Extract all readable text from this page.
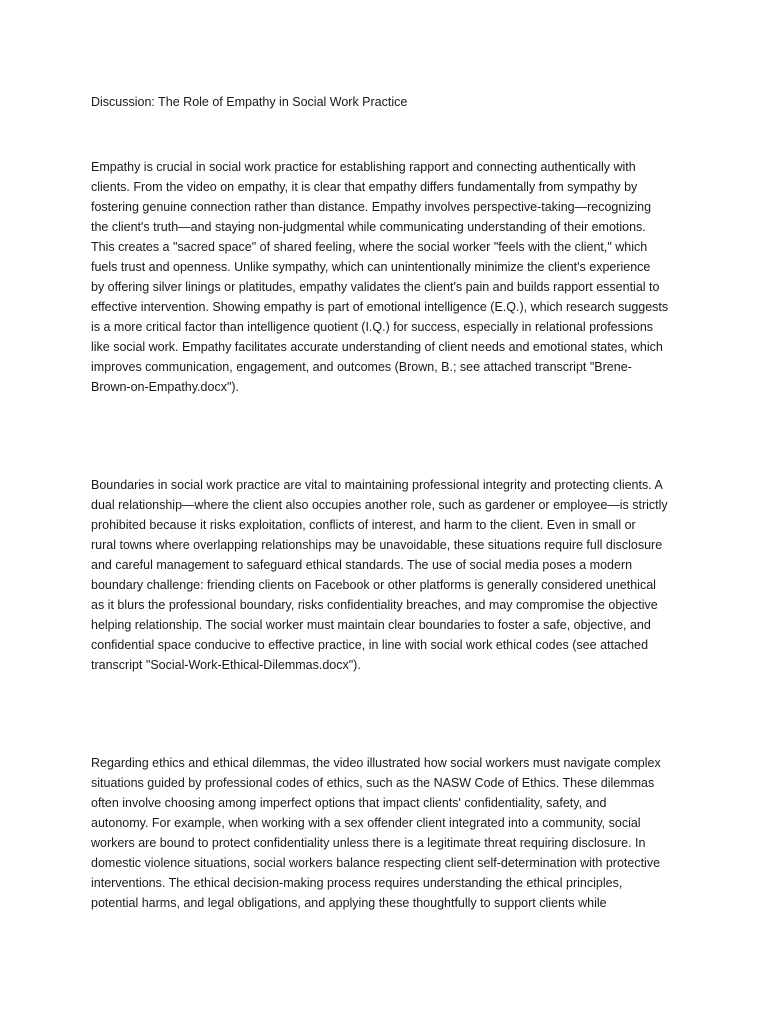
Discussion: The Role of Empathy in Social Work Practice
Empathy is crucial in social work practice for establishing rapport and connecting authentically with
clients. From the video on empathy, it is clear that empathy differs fundamentally from sympathy by
fostering genuine connection rather than distance. Empathy involves perspective-taking—recognizing
the client's truth—and staying non-judgmental while communicating understanding of their emotions.
This creates a "sacred space" of shared feeling, where the social worker "feels with the client," which
fuels trust and openness. Unlike sympathy, which can unintentionally minimize the client's experience
by offering silver linings or platitudes, empathy validates the client's pain and builds rapport essential to
effective intervention. Showing empathy is part of emotional intelligence (E.Q.), which research suggests
is a more critical factor than intelligence quotient (I.Q.) for success, especially in relational professions
like social work. Empathy facilitates accurate understanding of client needs and emotional states, which
improves communication, engagement, and outcomes (Brown, B.; see attached transcript "Brene-
Brown-on-Empathy.docx").
Boundaries in social work practice are vital to maintaining professional integrity and protecting clients. A
dual relationship—where the client also occupies another role, such as gardener or employee—is strictly
prohibited because it risks exploitation, conflicts of interest, and harm to the client. Even in small or
rural towns where overlapping relationships may be unavoidable, these situations require full disclosure
and careful management to safeguard ethical standards. The use of social media poses a modern
boundary challenge: friending clients on Facebook or other platforms is generally considered unethical
as it blurs the professional boundary, risks confidentiality breaches, and may compromise the objective
helping relationship. The social worker must maintain clear boundaries to foster a safe, objective, and
confidential space conducive to effective practice, in line with social work ethical codes (see attached
transcript "Social-Work-Ethical-Dilemmas.docx").
Regarding ethics and ethical dilemmas, the video illustrated how social workers must navigate complex
situations guided by professional codes of ethics, such as the NASW Code of Ethics. These dilemmas
often involve choosing among imperfect options that impact clients' confidentiality, safety, and
autonomy. For example, when working with a sex offender client integrated into a community, social
workers are bound to protect confidentiality unless there is a legitimate threat requiring disclosure. In
domestic violence situations, social workers balance respecting client self-determination with protective
interventions. The ethical decision-making process requires understanding the ethical principles,
potential harms, and legal obligations, and applying these thoughtfully to support clients while
